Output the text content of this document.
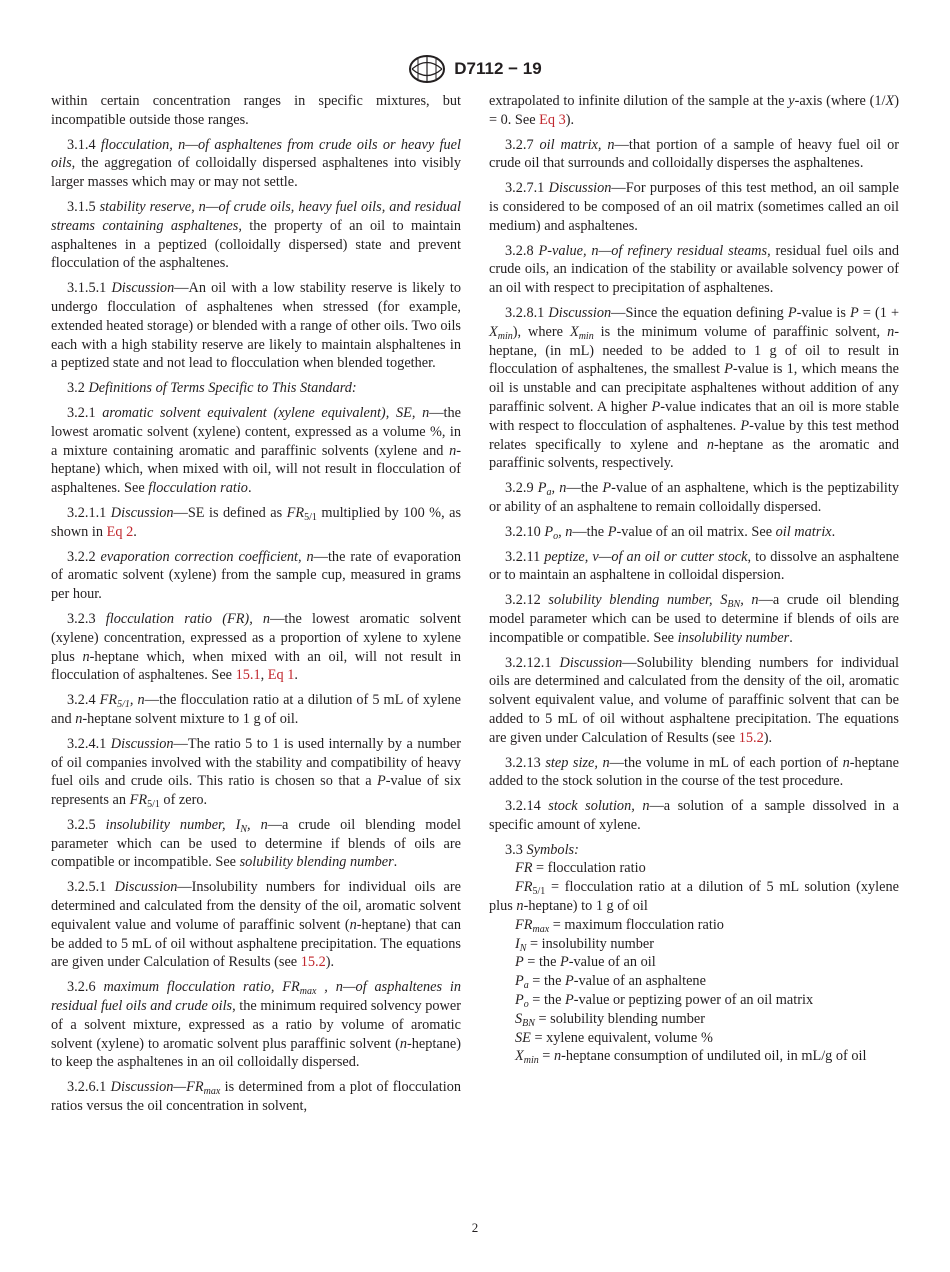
D7112 − 19

within certain concentration ranges in specific mixtures, but incompatible outside those ranges.

3.1.4 flocculation, n—of asphaltenes from crude oils or heavy fuel oils, the aggregation of colloidally dispersed asphaltenes into visibly larger masses which may or may not settle.

3.1.5 stability reserve, n—of crude oils, heavy fuel oils, and residual streams containing asphaltenes, the property of an oil to maintain asphaltenes in a peptized (colloidally dispersed) state and prevent flocculation of the asphaltenes.

3.1.5.1 Discussion—An oil with a low stability reserve is likely to undergo flocculation of asphaltenes when stressed (for example, extended heated storage) or blended with a range of other oils. Two oils each with a high stability reserve are likely to maintain alsphaltenes in a peptized state and not lead to flocculation when blended together.

3.2 Definitions of Terms Specific to This Standard:

3.2.1 aromatic solvent equivalent (xylene equivalent), SE, n—the lowest aromatic solvent (xylene) content, expressed as a volume %, in a mixture containing aromatic and paraffinic solvents (xylene and n-heptane) which, when mixed with oil, will not result in flocculation of asphaltenes. See flocculation ratio.

3.2.1.1 Discussion—SE is defined as $FR_{5/1}$ multiplied by 100 %, as shown in Eq 2.

3.2.2 evaporation correction coefficient, n—the rate of evaporation of aromatic solvent (xylene) from the sample cup, measured in grams per hour.

3.2.3 flocculation ratio (FR), n—the lowest aromatic solvent (xylene) concentration, expressed as a proportion of xylene to xylene plus n-heptane which, when mixed with an oil, will not result in flocculation of asphaltenes. See 15.1, Eq 1.

3.2.4 $FR_{5/1}$, n—the flocculation ratio at a dilution of 5 mL of xylene and n-heptane solvent mixture to 1 g of oil.

3.2.4.1 Discussion—The ratio 5 to 1 is used internally by a number of oil companies involved with the stability and compatibility of heavy fuel oils and crude oils. This ratio is chosen so that a P-value of six represents an $FR_{5/1}$ of zero.

3.2.5 insolubility number, $I_N$, n—a crude oil blending model parameter which can be used to determine if blends of oils are compatible or incompatible. See solubility blending number.

3.2.5.1 Discussion—Insolubility numbers for individual oils are determined and calculated from the density of the oil, aromatic solvent equivalent value and volume of paraffinic solvent (n-heptane) that can be added to 5 mL of oil without asphaltene precipitation. The equations are given under Calculation of Results (see 15.2).

3.2.6 maximum flocculation ratio, $FR_{max}$ , n—of asphaltenes in residual fuel oils and crude oils, the minimum required solvency power of a solvent mixture, expressed as a ratio by volume of aromatic solvent (xylene) to aromatic solvent plus paraffinic solvent (n-heptane) to keep the asphaltenes in an oil colloidally dispersed.

3.2.6.1 $Discussion—FR_{max}$ is determined from a plot of flocculation ratios versus the oil concentration in solvent,

extrapolated to infinite dilution of the sample at the y-axis (where (1/X) = 0. See Eq 3).

3.2.7 oil matrix, n—that portion of a sample of heavy fuel oil or crude oil that surrounds and colloidally disperses the asphaltenes.

3.2.7.1 Discussion—For purposes of this test method, an oil sample is considered to be composed of an oil matrix (sometimes called an oil medium) and asphaltenes.

3.2.8 P-value, n—of refinery residual steams, residual fuel oils and crude oils, an indication of the stability or available solvency power of an oil with respect to precipitation of asphaltenes.

3.2.8.1 Discussion—Since the equation defining P-value is $P = (1 + X_{min})$, where $X_{min}$ is the minimum volume of paraffinic solvent, n-heptane, (in mL) needed to be added to 1 g of oil to result in flocculation of asphaltenes, the smallest P-value is 1, which means the oil is unstable and can precipitate asphaltenes without addition of any paraffinic solvent. A higher P-value indicates that an oil is more stable with respect to flocculation of asphaltenes. P-value by this test method relates specifically to xylene and n-heptane as the aromatic and paraffinic solvents, respectively.

3.2.9 $P_a$, n—the P-value of an asphaltene, which is the peptizability or ability of an asphaltene to remain colloidally dispersed.

3.2.10 $P_o$, n—the P-value of an oil matrix. See oil matrix.

3.2.11 peptize, v—of an oil or cutter stock, to dissolve an asphaltene or to maintain an asphaltene in colloidal dispersion.

3.2.12 solubility blending number, $S_{BN}$, n—a crude oil blending model parameter which can be used to determine if blends of oils are incompatible or compatible. See insolubility number.

3.2.12.1 Discussion—Solubility blending numbers for individual oils are determined and calculated from the density of the oil, aromatic solvent equivalent value, and volume of paraffinic solvent that can be added to 5 mL of oil without asphaltene precipitation. The equations are given under Calculation of Results (see 15.2).

3.2.13 step size, n—the volume in mL of each portion of n-heptane added to the stock solution in the course of the test procedure.

3.2.14 stock solution, n—a solution of a sample dissolved in a specific amount of xylene.

3.3 Symbols:

FR = flocculation ratio

$FR_{5/1}$ = flocculation ratio at a dilution of 5 mL solution (xylene plus n-heptane) to 1 g of oil

$FR_{max}$ = maximum flocculation ratio

$I_N$ = insolubility number

P = the P-value of an oil

$P_a$ = the P-value of an asphaltene

$P_o$ = the P-value or peptizing power of an oil matrix

$S_{BN}$ = solubility blending number

SE = xylene equivalent, volume %

$X_{min} = n-heptane$ consumption of undiluted oil, in mL/g of oil

2
